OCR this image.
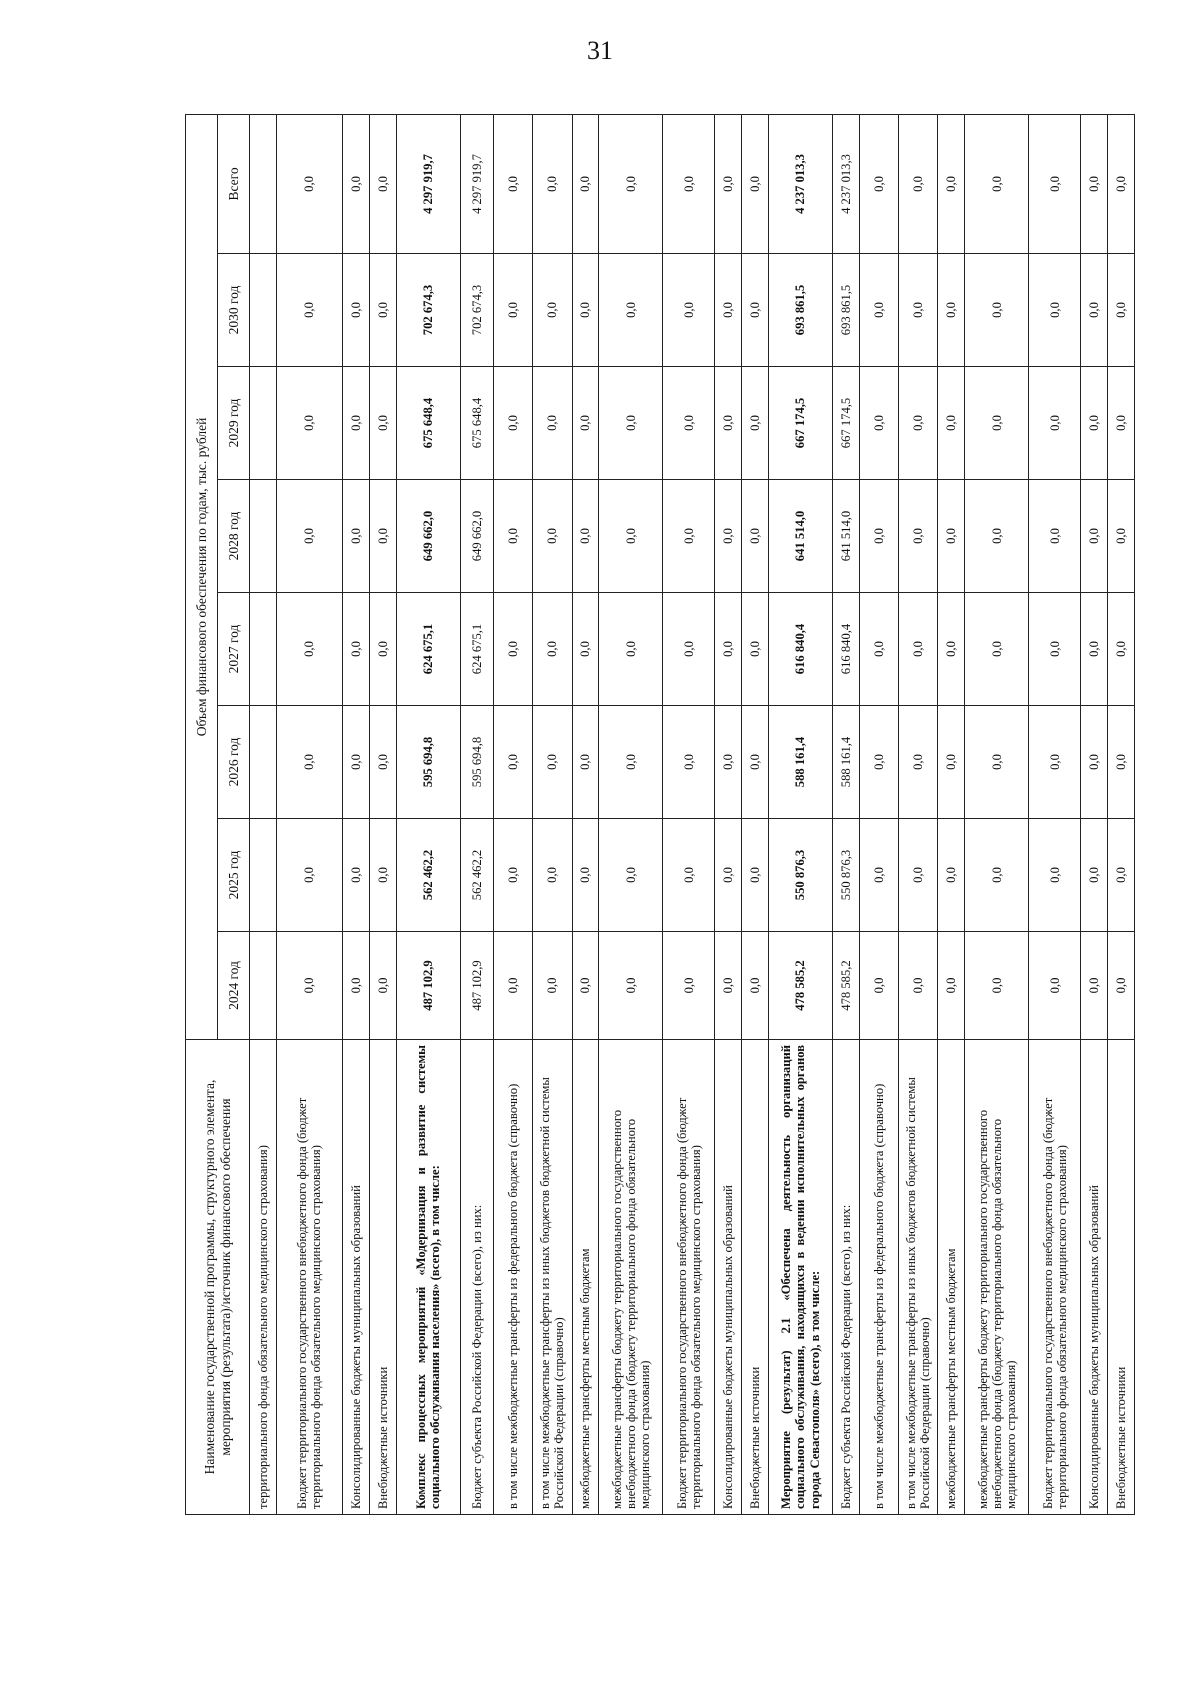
31
Наименование государственной программы, структурного элемента, мероприятия (результата)/источник финансового обеспечения	Объем финансового обеспечения по годам, тыс. рублей							
	2024 год	2025 год	2026 год	2027 год	2028 год	2029 год	2030 год	Всего
территориального фонда обязательного медицинского страхования)								
Бюджет территориального государственного внебюджетного фонда (бюджет территориального фонда обязательного медицинского страхования)	0,0	0,0	0,0	0,0	0,0	0,0	0,0	0,0
Консолидированные бюджеты муниципальных образований	0,0	0,0	0,0	0,0	0,0	0,0	0,0	0,0
Внебюджетные источники	0,0	0,0	0,0	0,0	0,0	0,0	0,0	0,0
Комплекс процессных мероприятий «Модернизация и развитие системы социального обслуживания населения» (всего), в том числе:	487 102,9	562 462,2	595 694,8	624 675,1	649 662,0	675 648,4	702 674,3	4 297 919,7
Бюджет субъекта Российской Федерации (всего), из них:	487 102,9	562 462,2	595 694,8	624 675,1	649 662,0	675 648,4	702 674,3	4 297 919,7
в том числе межбюджетные трансферты из федерального бюджета (справочно)	0,0	0,0	0,0	0,0	0,0	0,0	0,0	0,0
в том числе межбюджетные трансферты из иных бюджетов бюджетной системы Российской Федерации (справочно)	0,0	0,0	0,0	0,0	0,0	0,0	0,0	0,0
межбюджетные трансферты местным бюджетам	0,0	0,0	0,0	0,0	0,0	0,0	0,0	0,0
межбюджетные трансферты бюджету территориального государственного внебюджетного фонда (бюджету территориального фонда обязательного медицинского страхования)	0,0	0,0	0,0	0,0	0,0	0,0	0,0	0,0
Бюджет территориального государственного внебюджетного фонда (бюджет территориального фонда обязательного медицинского страхования)	0,0	0,0	0,0	0,0	0,0	0,0	0,0	0,0
Консолидированные бюджеты муниципальных образований	0,0	0,0	0,0	0,0	0,0	0,0	0,0	0,0
Внебюджетные источники	0,0	0,0	0,0	0,0	0,0	0,0	0,0	0,0
Мероприятие (результат) 2.1 «Обеспечена деятельность организаций социального обслуживания, находящихся в ведении исполнительных органов города Севастополя» (всего), в том числе:	478 585,2	550 876,3	588 161,4	616 840,4	641 514,0	667 174,5	693 861,5	4 237 013,3
Бюджет субъекта Российской Федерации (всего), из них:	478 585,2	550 876,3	588 161,4	616 840,4	641 514,0	667 174,5	693 861,5	4 237 013,3
в том числе межбюджетные трансферты из федерального бюджета (справочно)	0,0	0,0	0,0	0,0	0,0	0,0	0,0	0,0
в том числе межбюджетные трансферты из иных бюджетов бюджетной системы Российской Федерации (справочно)	0,0	0,0	0,0	0,0	0,0	0,0	0,0	0,0
межбюджетные трансферты местным бюджетам	0,0	0,0	0,0	0,0	0,0	0,0	0,0	0,0
межбюджетные трансферты бюджету территориального государственного внебюджетного фонда (бюджету территориального фонда обязательного медицинского страхования)	0,0	0,0	0,0	0,0	0,0	0,0	0,0	0,0
Бюджет территориального государственного внебюджетного фонда (бюджет территориального фонда обязательного медицинского страхования)	0,0	0,0	0,0	0,0	0,0	0,0	0,0	0,0
Консолидированные бюджеты муниципальных образований	0,0	0,0	0,0	0,0	0,0	0,0	0,0	0,0
Внебюджетные источники	0,0	0,0	0,0	0,0	0,0	0,0	0,0	0,0
